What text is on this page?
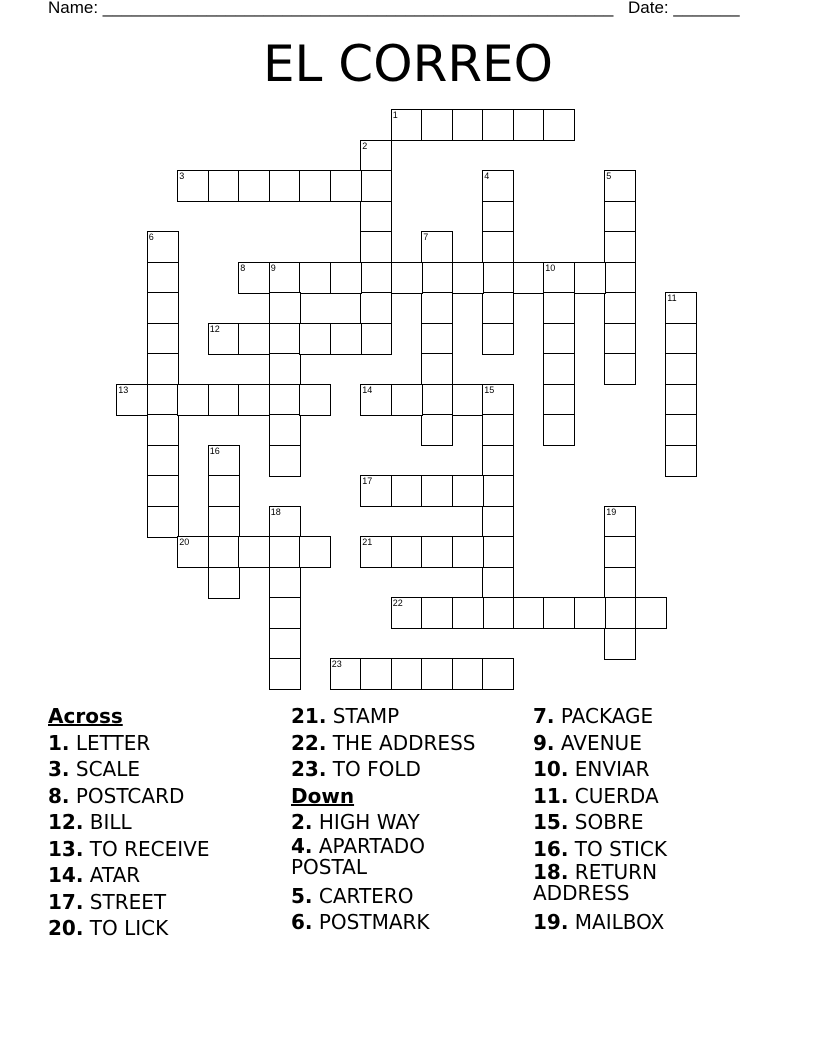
Name: ______________________________________________________ Date: _______
EL CORREO
1
2
3	4	5
6	7
8	9	10
11
12
13	14	15
16
17
18	19
20	21
22
23
Across
1. LETTER
3. SCALE
8. POSTCARD
12. BILL
13. TO RECEIVE
14. ATAR
17. STREET
20. TO LICK
21. STAMP
22. THE ADDRESS
23. TO FOLD
Down
2. HIGH WAY
4. APARTADO POSTAL
5. CARTERO
6. POSTMARK
7. PACKAGE
9. AVENUE
10. ENVIAR
11. CUERDA
15. SOBRE
16. TO STICK
18. RETURN ADDRESS
19. MAILBOX
